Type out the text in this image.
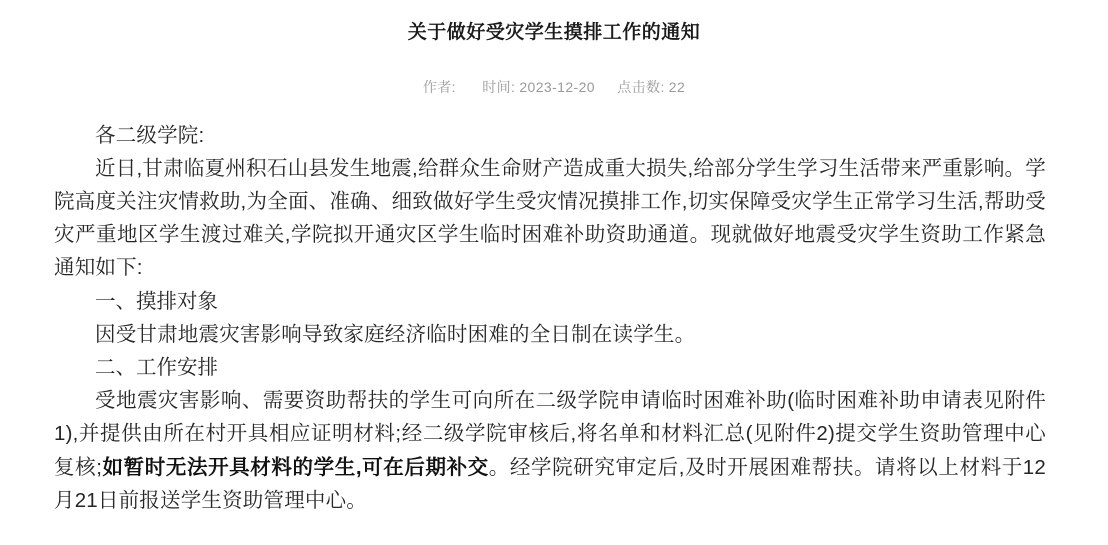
关于做好受灾学生摸排工作的通知
作者: 时间: 2023-12-20 点击数: 22

各二级学院:

近日,甘肃临夏州积石山县发生地震,给群众生命财产造成重大损失,给部分学生学习生活带来严重影响。学院高度关注灾情救助,为全面、准确、细致做好学生受灾情况摸排工作,切实保障受灾学生正常学习生活,帮助受灾严重地区学生渡过难关,学院拟开通灾区学生临时困难补助资助通道。现就做好地震受灾学生资助工作紧急通知如下:

一、摸排对象

因受甘肃地震灾害影响导致家庭经济临时困难的全日制在读学生。

二、工作安排

受地震灾害影响、需要资助帮扶的学生可向所在二级学院申请临时困难补助(临时困难补助申请表见附件1),并提供由所在村开具相应证明材料;经二级学院审核后,将名单和材料汇总(见附件2)提交学生资助管理中心复核;如暂时无法开具材料的学生,可在后期补交。经学院研究审定后,及时开展困难帮扶。请将以上材料于12月21日前报送学生资助管理中心。
